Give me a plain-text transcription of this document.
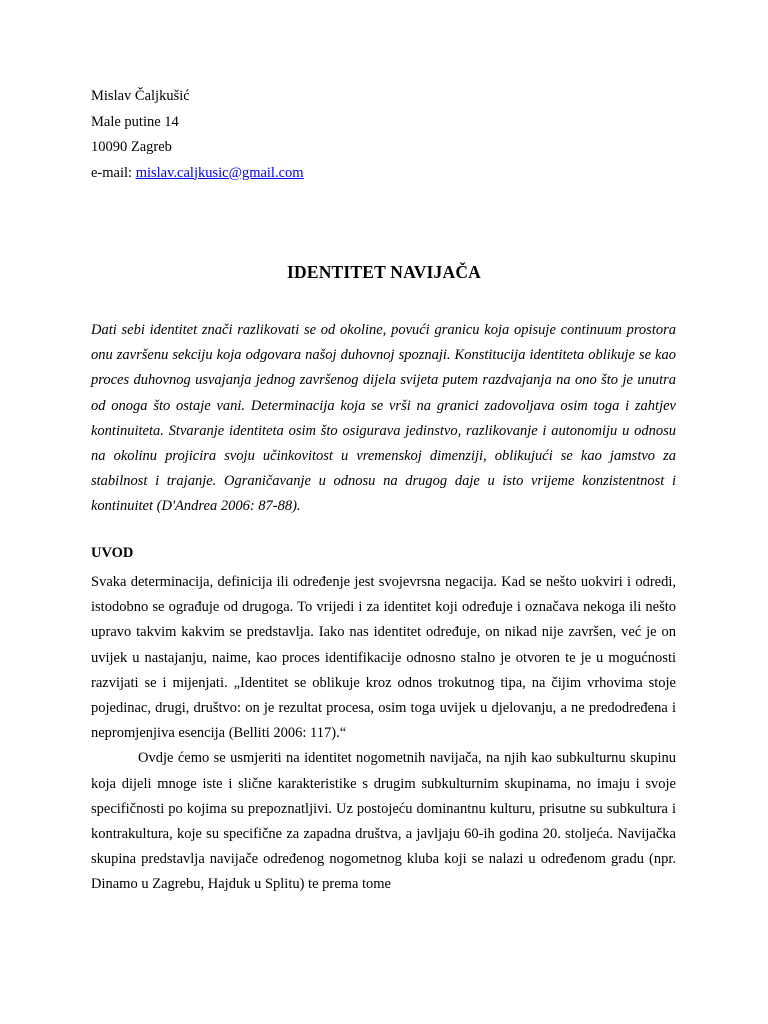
Mislav Čaljkušić
Male putine 14
10090 Zagreb
e-mail: mislav.caljkusic@gmail.com
IDENTITET NAVIJAČA

Dati sebi identitet znači razlikovati se od okoline, povući granicu koja opisuje continuum prostora onu završenu sekciju koja odgovara našoj duhovnoj spoznaji. Konstitucija identiteta oblikuje se kao proces duhovnog usvajanja jednog završenog dijela svijeta putem razdvajanja na ono što je unutra od onoga što ostaje vani. Determinacija koja se vrši na granici zadovoljava osim toga i zahtjev kontinuiteta. Stvaranje identiteta osim što osigurava jedinstvo, razlikovanje i autonomiju u odnosu na okolinu projicira svoju učinkovitost u vremenskoj dimenziji, oblikujući se kao jamstvo za stabilnost i trajanje. Ograničavanje u odnosu na drugog daje u isto vrijeme konzistentnost i kontinuitet (D'Andrea 2006: 87-88).

UVOD

Svaka determinacija, definicija ili određenje jest svojevrsna negacija. Kad se nešto uokviri i odredi, istodobno se ograđuje od drugoga. To vrijedi i za identitet koji određuje i označava nekoga ili nešto upravo takvim kakvim se predstavlja. Iako nas identitet određuje, on nikad nije završen, već je on uvijek u nastajanju, naime, kao proces identifikacije odnosno stalno je otvoren te je u mogućnosti razvijati se i mijenjati. „Identitet se oblikuje kroz odnos trokutnog tipa, na čijim vrhovima stoje pojedinac, drugi, društvo: on je rezultat procesa, osim toga uvijek u djelovanju, a ne predodređena i nepromjenjiva esencija (Belliti 2006: 117).“

Ovdje ćemo se usmjeriti na identitet nogometnih navijača, na njih kao subkulturnu skupinu koja dijeli mnoge iste i slične karakteristike s drugim subkulturnim skupinama, no imaju i svoje specifičnosti po kojima su prepoznatljivi. Uz postojeću dominantnu kulturu, prisutne su subkultura i kontrakultura, koje su specifične za zapadna društva, a javljaju 60-ih godina 20. stoljeća. Navijačka skupina predstavlja navijače određenog nogometnog kluba koji se nalazi u određenom gradu (npr. Dinamo u Zagrebu, Hajduk u Splitu) te prema tome
